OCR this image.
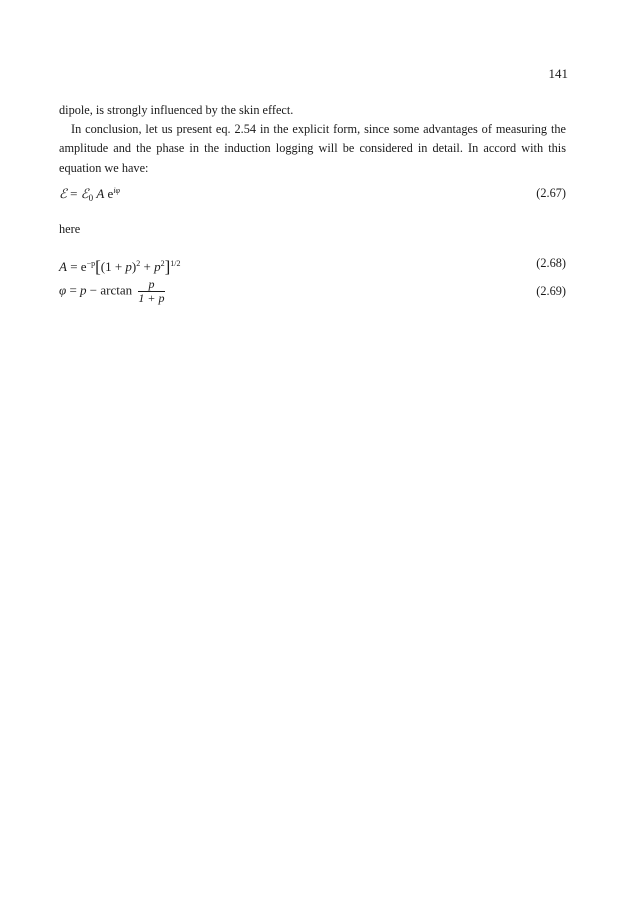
141

dipole, is strongly influenced by the skin effect.

In conclusion, let us present eq. 2.54 in the explicit form, since some advantages of measuring the amplitude and the phase in the induction logging will be considered in detail. In accord with this equation we have:

ℰ = ℰ$_0$ A $e^{i\varphi}$	(2.67)
here
$A = e^{-p}[(1 + p)^2 + p^2]^{1/2}$	(2.68)
$\varphi = p - \arctan \frac{p}{1 + p}$	(2.69)
